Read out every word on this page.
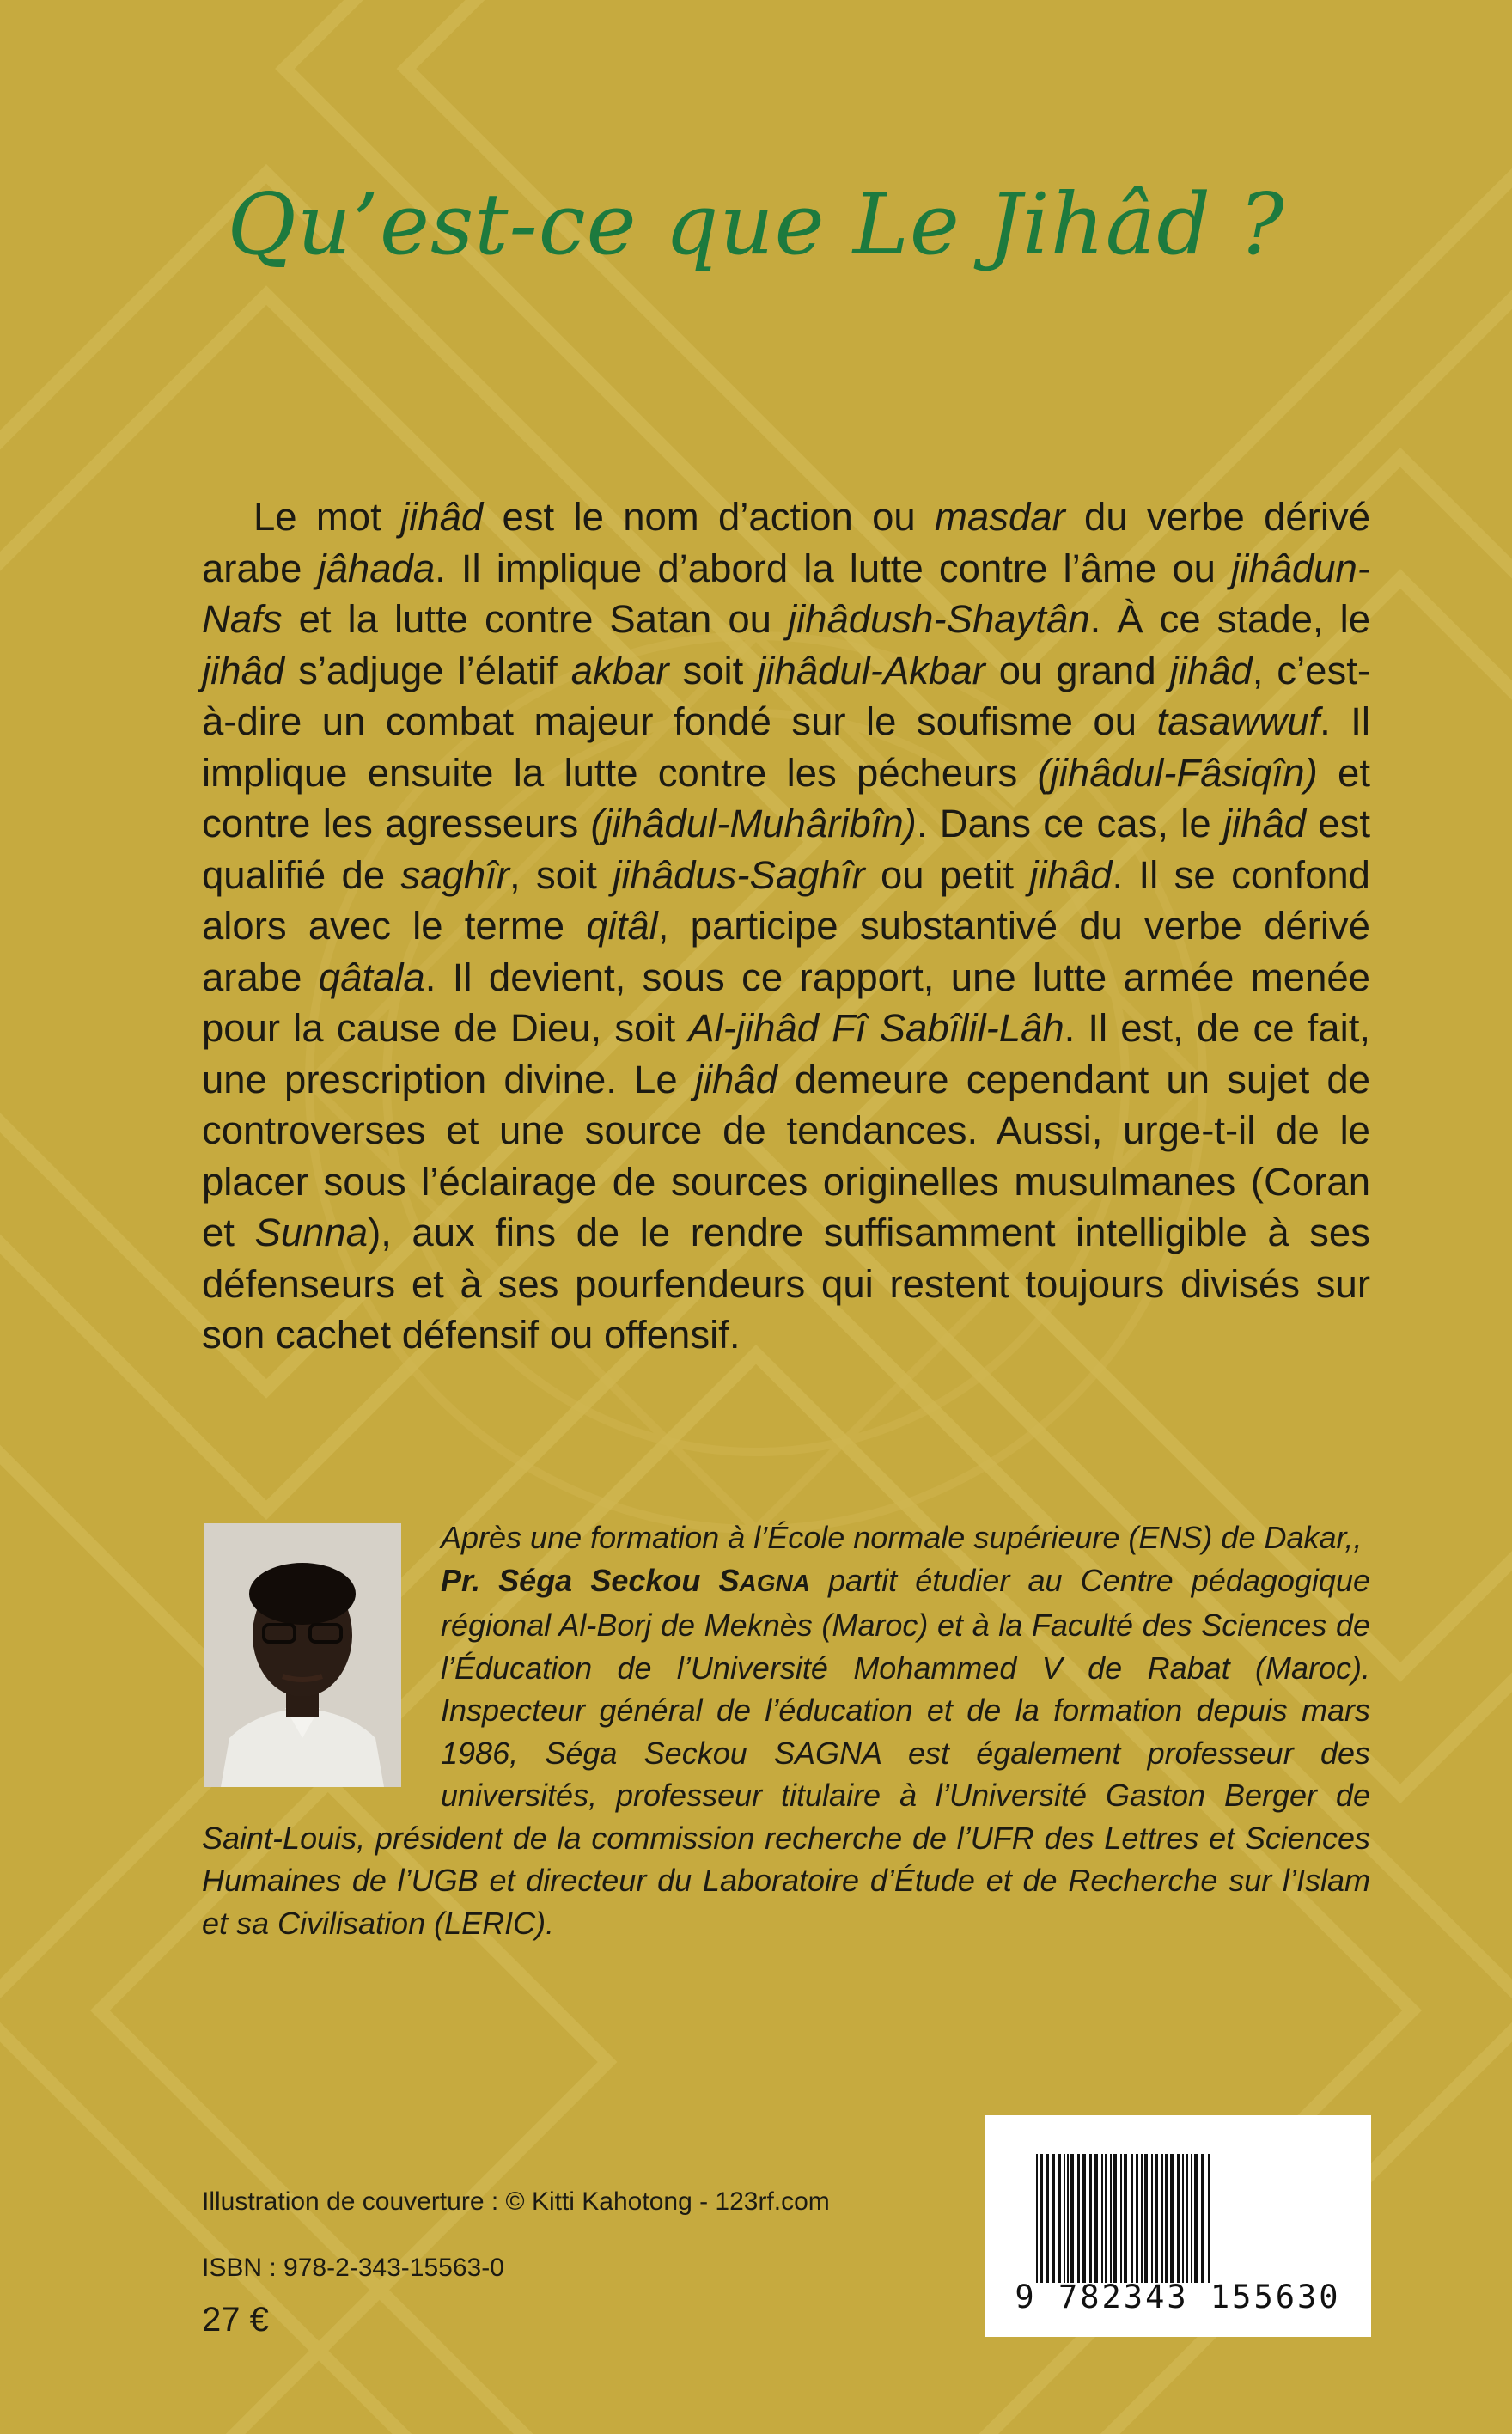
Qu’est-ce que Le Jihâd ?

Le mot jihâd est le nom d’action ou masdar du verbe dérivé arabe jâhada. Il implique d’abord la lutte contre l’âme ou jihâdun-Nafs et la lutte contre Satan ou jihâdush-Shaytân. À ce stade, le jihâd s’adjuge l’élatif akbar soit jihâdul-Akbar ou grand jihâd, c’est-à-dire un combat majeur fondé sur le soufisme ou tasawwuf. Il implique ensuite la lutte contre les pécheurs (jihâdul-Fâsiqîn) et contre les agresseurs (jihâdul-Muhâribîn). Dans ce cas, le jihâd est qualifié de saghîr, soit jihâdus-Saghîr ou petit jihâd. Il se confond alors avec le terme qitâl, participe substantivé du verbe dérivé arabe qâtala. Il devient, sous ce rapport, une lutte armée menée pour la cause de Dieu, soit Al-jihâd Fî Sabîlil-Lâh. Il est, de ce fait, une prescription divine. Le jihâd demeure cependant un sujet de controverses et une source de tendances. Aussi, urge-t-il de le placer sous l’éclairage de sources originelles musulmanes (Coran et Sunna), aux fins de le rendre suffisamment intelligible à ses défenseurs et à ses pourfendeurs qui restent toujours divisés sur son cachet défensif ou offensif.

Après une formation à l’École normale supérieure (ENS) de Dakar,,
Pr. Séga Seckou SAGNA partit étudier au Centre pédagogique régional Al-Borj de Meknès (Maroc) et à la Faculté des Sciences de l’Éducation de l’Université Mohammed V de Rabat (Maroc). Inspecteur général de l’éducation et de la formation depuis mars 1986, Séga Seckou SAGNA est également professeur des universités, professeur titulaire à l’Université Gaston Berger de Saint-Louis, président de la commission recherche de l’UFR des Lettres et Sciences Humaines de l’UGB et directeur du Laboratoire d’Étude et de Recherche sur l’Islam et sa Civilisation (LERIC).
Illustration de couverture : © Kitti Kahotong - 123rf.com
ISBN : 978-2-343-15563-0
27 €
9 782343 155630
